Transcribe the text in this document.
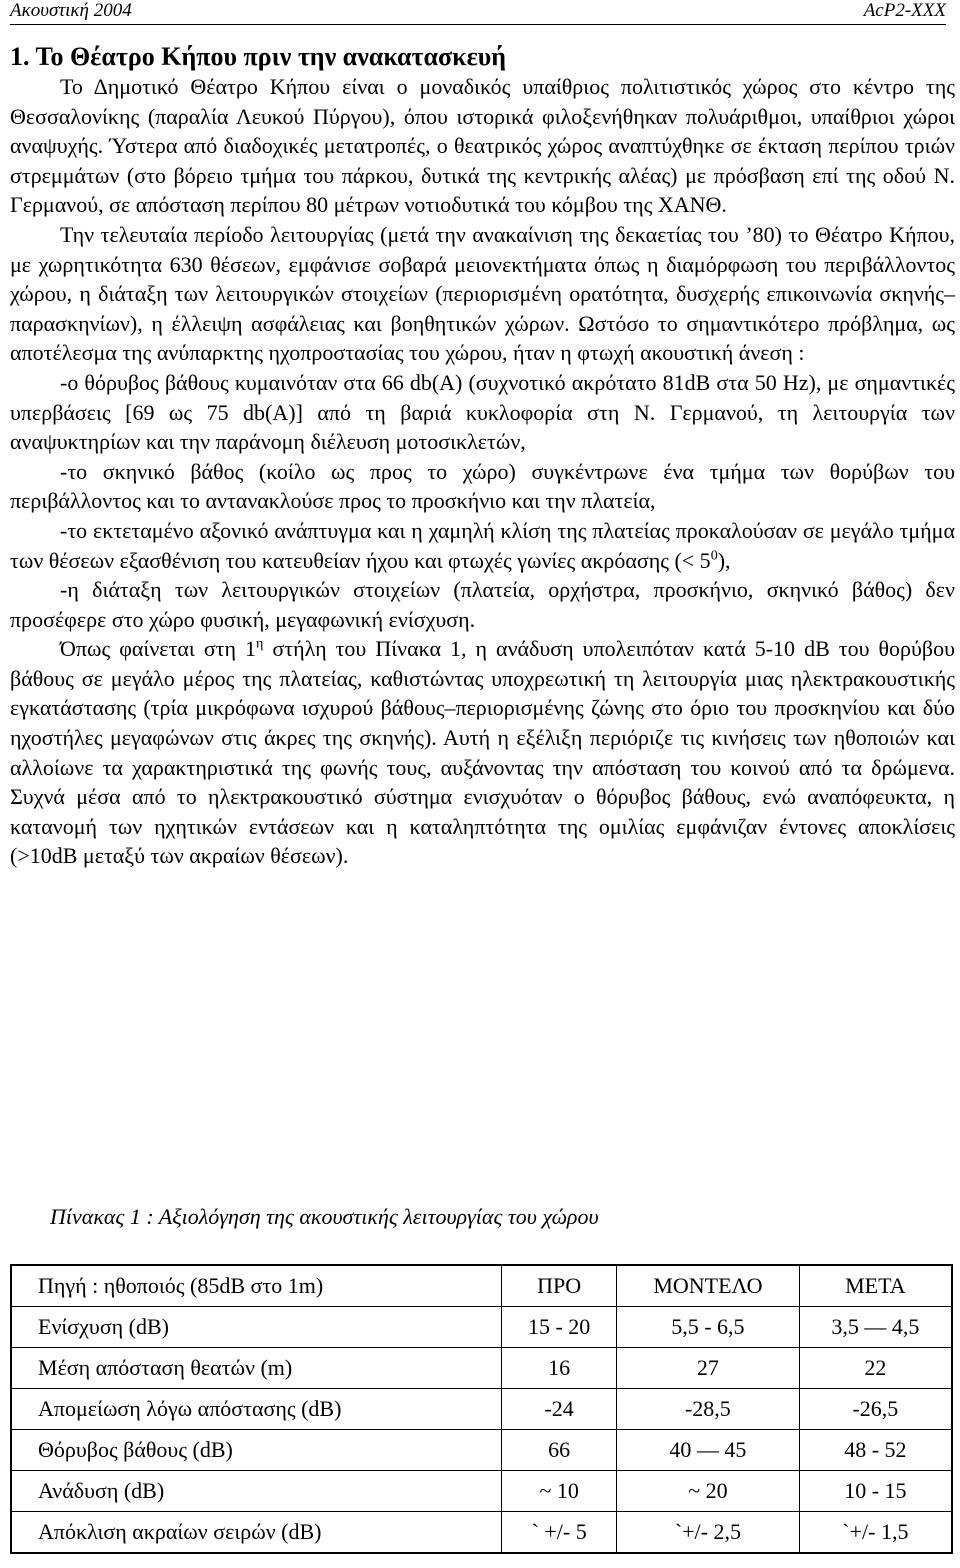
Ακουστική 2004	AcP2-XXX
1. Το Θέατρο Κήπου πριν την ανακατασκευή

Το Δημοτικό Θέατρο Κήπου είναι ο μοναδικός υπαίθριος πολιτιστικός χώρος στο κέντρο της Θεσσαλονίκης (παραλία Λευκού Πύργου), όπου ιστορικά φιλοξενήθηκαν πολυάριθμοι, υπαίθριοι χώροι αναψυχής. Ύστερα από διαδοχικές μετατροπές, ο θεατρικός χώρος αναπτύχθηκε σε έκταση περίπου τριών στρεμμάτων (στο βόρειο τμήμα του πάρκου, δυτικά της κεντρικής αλέας) με πρόσβαση επί της οδού Ν. Γερμανού, σε απόσταση περίπου 80 μέτρων νοτιοδυτικά του κόμβου της ΧΑΝΘ.

Την τελευταία περίοδο λειτουργίας (μετά την ανακαίνιση της δεκαετίας του ’80) το Θέατρο Κήπου, με χωρητικότητα 630 θέσεων, εμφάνισε σοβαρά μειονεκτήματα όπως η διαμόρφωση του περιβάλλοντος χώρου, η διάταξη των λειτουργικών στοιχείων (περιορισμένη ορατότητα, δυσχερής επικοινωνία σκηνής–παρασκηνίων), η έλλειψη ασφάλειας και βοηθητικών χώρων. Ωστόσο το σημαντικότερο πρόβλημα, ως αποτέλεσμα της ανύπαρκτης ηχοπροστασίας του χώρου, ήταν η φτωχή ακουστική άνεση :

-ο θόρυβος βάθους κυμαινόταν στα 66 db(A) (συχνοτικό ακρότατο 81dB στα 50 Hz), με σημαντικές υπερβάσεις [69 ως 75 db(A)] από τη βαριά κυκλοφορία στη Ν. Γερμανού, τη λειτουργία των αναψυκτηρίων και την παράνομη διέλευση μοτοσικλετών,

-το σκηνικό βάθος (κοίλο ως προς το χώρο) συγκέντρωνε ένα τμήμα των θορύβων του περιβάλλοντος και το αντανακλούσε προς το προσκήνιο και την πλατεία,

-το εκτεταμένο αξονικό ανάπτυγμα και η χαμηλή κλίση της πλατείας προκαλούσαν σε μεγάλο τμήμα των θέσεων εξασθένιση του κατευθείαν ήχου και φτωχές γωνίες ακρόασης (< $5^0$),

-η διάταξη των λειτουργικών στοιχείων (πλατεία, ορχήστρα, προσκήνιο, σκηνικό βάθος) δεν προσέφερε στο χώρο φυσική, μεγαφωνική ενίσχυση.

Όπως φαίνεται στη $1^\eta$ στήλη του Πίνακα 1, η ανάδυση υπολειπόταν κατά 5-10 dB του θορύβου βάθους σε μεγάλο μέρος της πλατείας, καθιστώντας υποχρεωτική τη λειτουργία μιας ηλεκτρακουστικής εγκατάστασης (τρία μικρόφωνα ισχυρού βάθους–περιορισμένης ζώνης στο όριο του προσκηνίου και δύο ηχοστήλες μεγαφώνων στις άκρες της σκηνής). Αυτή η εξέλιξη περιόριζε τις κινήσεις των ηθοποιών και αλλοίωνε τα χαρακτηριστικά της φωνής τους, αυξάνοντας την απόσταση του κοινού από τα δρώμενα. Συχνά μέσα από το ηλεκτρακουστικό σύστημα ενισχυόταν ο θόρυβος βάθους, ενώ αναπόφευκτα, η κατανομή των ηχητικών εντάσεων και η καταληπτότητα της ομιλίας εμφάνιζαν έντονες αποκλίσεις (>10dB μεταξύ των ακραίων θέσεων).

Πίνακας 1 : Αξιολόγηση της ακουστικής λειτουργίας του χώρου
Πηγή : ηθοποιός (85dB στο 1m)	ΠΡΟ	ΜΟΝΤΕΛΟ	ΜΕΤΑ
Ενίσχυση (dB)	15 - 20	5,5 - 6,5	3,5 — 4,5
Μέση απόσταση θεατών (m)	16	27	22
Απομείωση λόγω απόστασης (dB)	-24	-28,5	-26,5
Θόρυβος βάθους (dB)	66	40 — 45	48 - 52
Ανάδυση (dB)	~ 10	~ 20	10 - 15
Απόκλιση ακραίων σειρών (dB)	` +/- 5	`+/- 2,5	`+/- 1,5
